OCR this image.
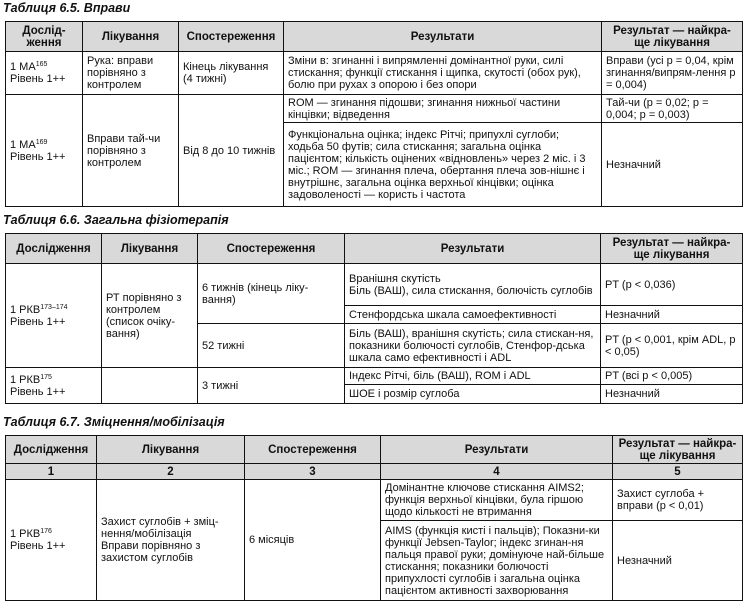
Таблиця 6.5. Вправи
Дослід-
ження	Лікування	Спостереження	Результати	Результат — найкра-
ще лікування
1 МА$^{165}$
Рівень 1++	Рука: вправи порівняно з контролем	Кінець лікування (4 тижні)	Зміни в: згинанні і випрямленні домінантної руки, силі стискання; функції стискання і щипка, скутості (обох рук), болю при рухах з опорою і без опори	Вправи (усі p = 0,04, крім згинання/випрям-лення p = 0,004)
1 МА$^{169}$
Рівень 1++	Вправи тай-чи порівняно з контролем	Від 8 до 10 тижнів	ROM — згинання підошви; згинання нижньої частини кінцівки; відведення	Тай-чи (p = 0,02; p = 0,004; p = 0,003)
			Функціональна оцінка; індекс Рітчі; припухлі суглоби; ходьба 50 футів; сила стискання; загальна оцінка пацієнтом; кількість оцінених «відновлень» через 2 міс. і 3 міс.; ROM — згинання плеча, обертання плеча зов-нішнє і внутрішнє, загальна оцінка верхньої кінцівки; оцінка задоволеності — користь і частота	Незначний
Таблиця 6.6. Загальна фізіотерапія
Дослідження	Лікування	Спостереження	Результати	Результат — найкра-
ще лікування
1 РКВ$^{173-174}$
Рівень 1++	РТ порівняно з контролем (список очіку-вання)	6 тижнів (кінець ліку-вання)	Вранішня скутість
Біль (ВАШ), сила стискання, болючість суглобів	PT (p < 0,036)
			Стенфордська шкала самоефективності	Незначний
		52 тижні	Біль (ВАШ), вранішня скутість; сила стискан-ня, показники болючості суглобів, Стенфор-дська шкала само ефективності і ADL	PT (p < 0,001, крім ADL, p < 0,05)
1 РКВ$^{175}$
Рівень 1++		3 тижні	Індекс Рітчі, біль (ВАШ), ROM і ADL	PT (всі p < 0,005)
			ШОЕ і розмір суглоба	Незначний
Таблиця 6.7. Зміцнення/мобілізація
Дослідження	Лікування	Спостереження	Результати	Результат — найкра-
ще лікування
1	2	3	4	5
1 РКВ$^{176}$
Рівень 1++	Захист суглобів + зміц-нення/мобілізація
Вправи порівняно з захистом суглобів	6 місяців	Домінантне ключове стискання AIMS2; функція верхньої кінцівки, була гіршою щодо кількості не втримання	Захист суглоба + вправи (p < 0,01)
			AIMS (функція кисті і пальців); Показни-ки функції Jebsen-Taylor; індекс згинан-ня пальця правої руки; домінуюче най-більше стискання; показники болючості припухлості суглобів і загальна оцінка пацієнтом активності захворювання	Незначний
